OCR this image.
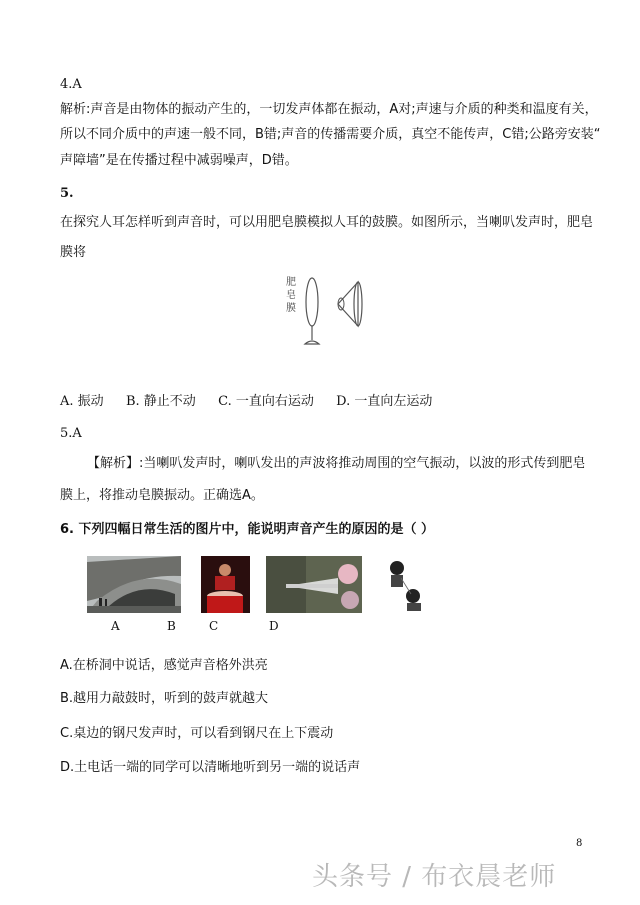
4.A
解析:声音是由物体的振动产生的，一切发声体都在振动，A对;声速与介质的种类和温度有关，
所以不同介质中的声速一般不同，B错;声音的传播需要介质，真空不能传声，C错;公路旁安装“
声障墙”是在传播过程中减弱噪声，D错。
5.
在探究人耳怎样听到声音时，可以用肥皂膜模拟人耳的鼓膜。如图所示，当喇叭发声时，肥皂
膜将
肥
皂
膜
A. 振动 B. 静止不动 C. 一直向右运动 D. 一直向左运动
5.A
【解析】:当喇叭发声时，喇叭发出的声波将推动周围的空气振动，以波的形式传到肥皂
膜上，将推动皂膜振动。正确选A。
6. 下列四幅日常生活的图片中，能说明声音产生的原因的是（ ）
A	B	C	D
A.在桥洞中说话，感觉声音格外洪亮
B.越用力敲鼓时，听到的鼓声就越大
C.桌边的钢尺发声时，可以看到钢尺在上下震动
D.土电话一端的同学可以清晰地听到另一端的说话声
8
头条号 / 布衣晨老师
